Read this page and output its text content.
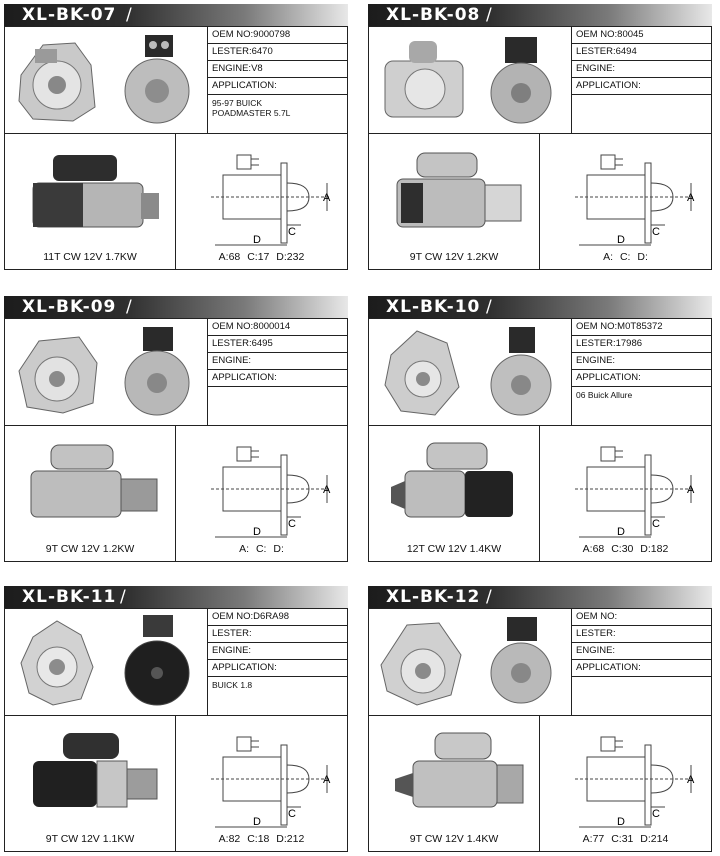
XL-BK-07 /
OEM NO:9000798
LESTER:6470
ENGINE:V8
APPLICATION:
95-97 BUICK
POADMASTER 5.7L
A
C
D
11T CW 12V 1.7KW	A:68 C:17 D:232
XL-BK-08 /
OEM NO:80045
LESTER:6494
ENGINE:
APPLICATION:
A
C
D
9T CW 12V 1.2KW	A: C: D:
XL-BK-09 /
OEM NO:8000014
LESTER:6495
ENGINE:
APPLICATION:
A
C
D
9T CW 12V 1.2KW	A: C: D:
XL-BK-10 /
OEM NO:M0T85372
LESTER:17986
ENGINE:
APPLICATION:
06 Buick Allure
A
C
D
12T CW 12V 1.4KW	A:68 C:30 D:182
XL-BK-11 /
OEM NO:D6RA98
LESTER:
ENGINE:
APPLICATION:
BUICK 1.8
A
C
D
9T CW 12V 1.1KW	A:82 C:18 D:212
XL-BK-12 /
OEM NO:
LESTER:
ENGINE:
APPLICATION:
A
C
D
9T CW 12V 1.4KW	A:77 C:31 D:214
